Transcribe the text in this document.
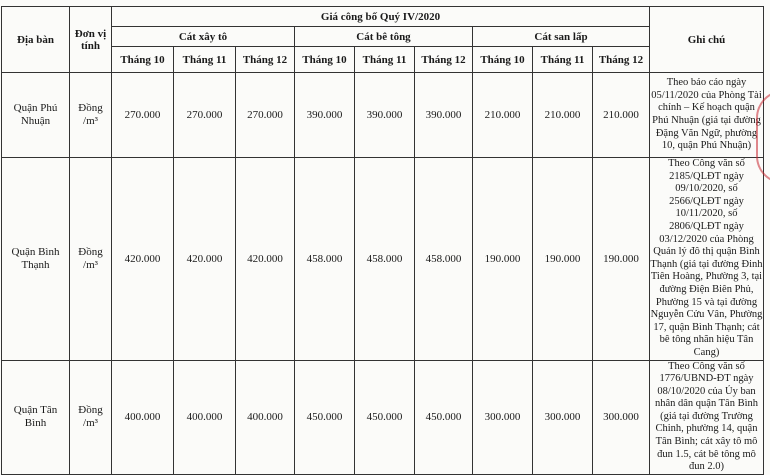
Địa bàn	Đơn vị tính	Giá công bố Quý IV/2020									Ghi chú
		Cát xây tô			Cát bê tông			Cát san lấp			
		Tháng 10	Tháng 11	Tháng 12	Tháng 10	Tháng 11	Tháng 12	Tháng 10	Tháng 11	Tháng 12	
Quận Phú Nhuận	Đồng /m³	270.000	270.000	270.000	390.000	390.000	390.000	210.000	210.000	210.000	Theo báo cáo ngày 05/11/2020 của Phòng Tài chính – Kế hoạch quận Phú Nhuận (giá tại đường Đặng Văn Ngữ, phường 10, quận Phú Nhuận)
Quận Bình Thạnh	Đồng /m³	420.000	420.000	420.000	458.000	458.000	458.000	190.000	190.000	190.000	Theo Công văn số 2185/QLĐT ngày 09/10/2020, số 2566/QLĐT ngày 10/11/2020, số 2806/QLĐT ngày 03/12/2020 của Phòng Quản lý đô thị quận Bình Thạnh (giá tại đường Đinh Tiên Hoàng, Phường 3, tại đường Điện Biên Phủ, Phường 15 và tại đường Nguyễn Cửu Vân, Phường 17, quận Bình Thạnh; cát bê tông nhãn hiệu Tân Cang)
Quận Tân Bình	Đồng /m³	400.000	400.000	400.000	450.000	450.000	450.000	300.000	300.000	300.000	Theo Công văn số 1776/UBND-ĐT ngày 08/10/2020 của Ủy ban nhân dân quận Tân Bình (giá tại đường Trường Chinh, phường 14, quận Tân Bình; cát xây tô mô đun 1.5, cát bê tông mô đun 2.0)
